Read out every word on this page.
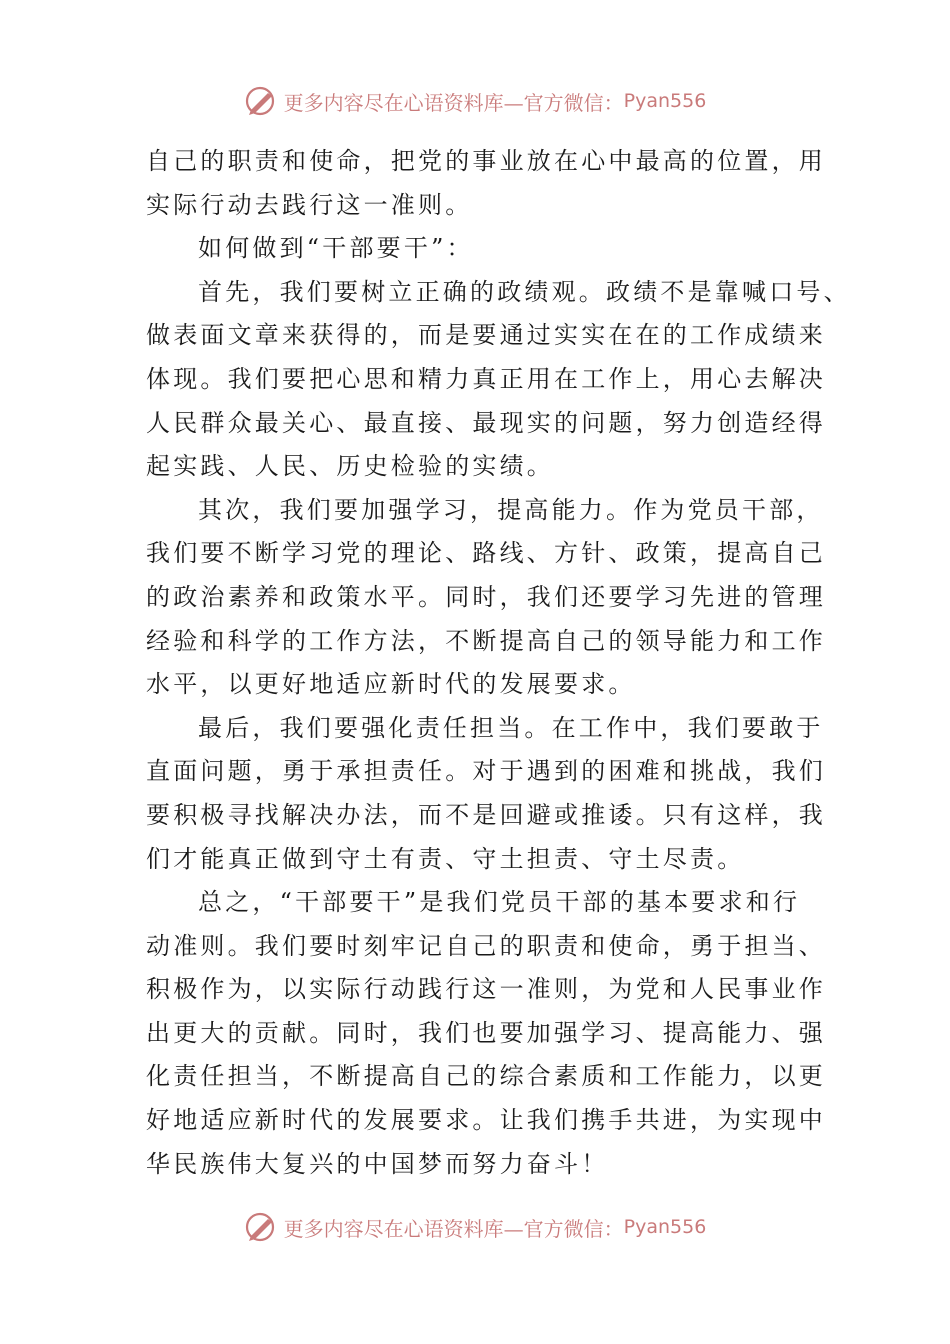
更多内容尽在心语资料库—官方微信： Pyan556
自己的职责和使命，把党的事业放在心中最高的位置，用
实际行动去践行这一准则。
如何做到“干部要干”：
首先，我们要树立正确的政绩观。政绩不是靠喊口号、
做表面文章来获得的，而是要通过实实在在的工作成绩来
体现。我们要把心思和精力真正用在工作上，用心去解决
人民群众最关心、最直接、最现实的问题，努力创造经得
起实践、人民、历史检验的实绩。
其次，我们要加强学习，提高能力。作为党员干部，
我们要不断学习党的理论、路线、方针、政策，提高自己
的政治素养和政策水平。同时，我们还要学习先进的管理
经验和科学的工作方法，不断提高自己的领导能力和工作
水平，以更好地适应新时代的发展要求。
最后，我们要强化责任担当。在工作中，我们要敢于
直面问题，勇于承担责任。对于遇到的困难和挑战，我们
要积极寻找解决办法，而不是回避或推诿。只有这样，我
们才能真正做到守土有责、守土担责、守土尽责。
总之，“干部要干”是我们党员干部的基本要求和行
动准则。我们要时刻牢记自己的职责和使命，勇于担当、
积极作为，以实际行动践行这一准则，为党和人民事业作
出更大的贡献。同时，我们也要加强学习、提高能力、强
化责任担当，不断提高自己的综合素质和工作能力，以更
好地适应新时代的发展要求。让我们携手共进，为实现中
华民族伟大复兴的中国梦而努力奋斗！
更多内容尽在心语资料库—官方微信： Pyan556
